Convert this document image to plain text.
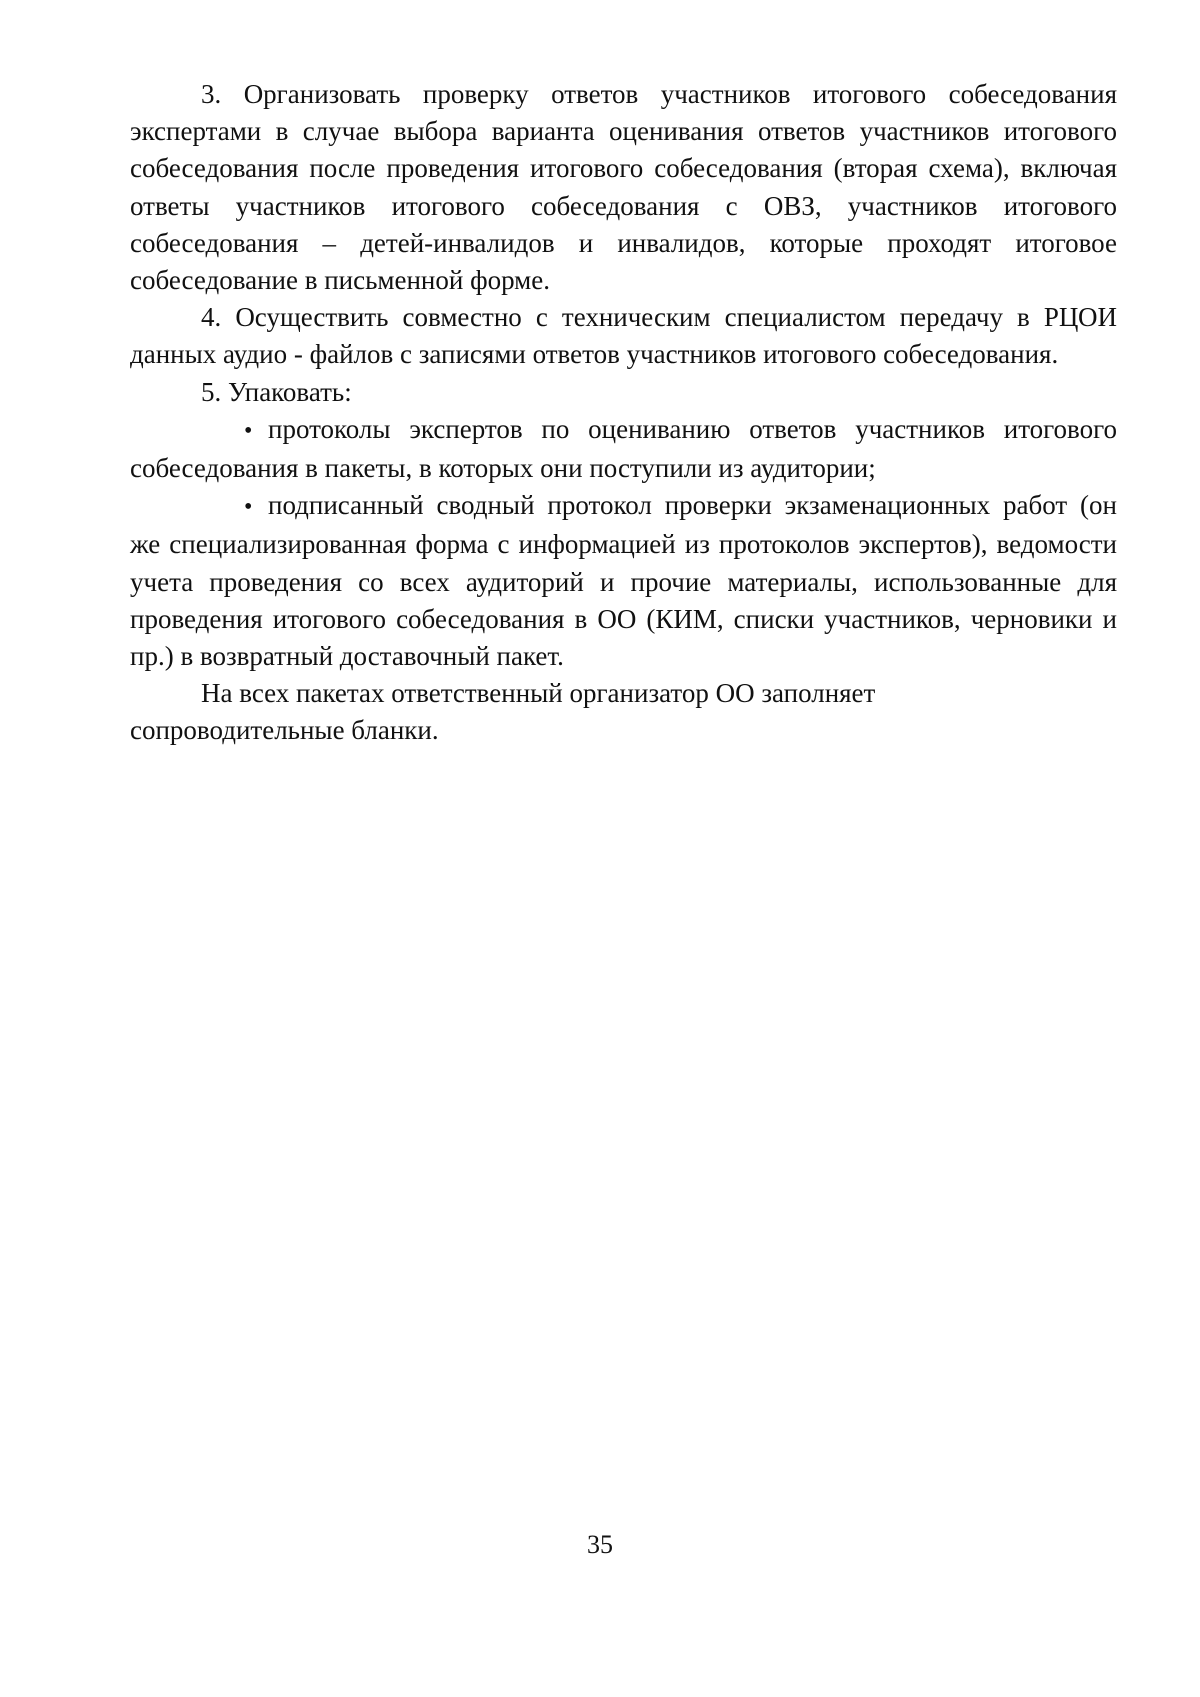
3. Организовать проверку ответов участников итогового собеседования экспертами в случае выбора варианта оценивания ответов участников итогового собеседования после проведения итогового собеседования (вторая схема), включая ответы участников итогового собеседования с ОВЗ, участников итогового собеседования – детей-инвалидов и инвалидов, которые проходят итоговое собеседование в письменной форме.

4. Осуществить совместно с техническим специалистом передачу в РЦОИ данных аудио - файлов с записями ответов участников итогового собеседования.

5. Упаковать:

• протоколы экспертов по оцениванию ответов участников итогового собеседования в пакеты, в которых они поступили из аудитории;

• подписанный сводный протокол проверки экзаменационных работ (он же специализированная форма с информацией из протоколов экспертов), ведомости учета проведения со всех аудиторий и прочие материалы, использованные для проведения итогового собеседования в ОО (КИМ, списки участников, черновики и пр.) в возвратный доставочный пакет.

На всех пакетах ответственный организатор ОО заполняет

сопроводительные бланки.

35
